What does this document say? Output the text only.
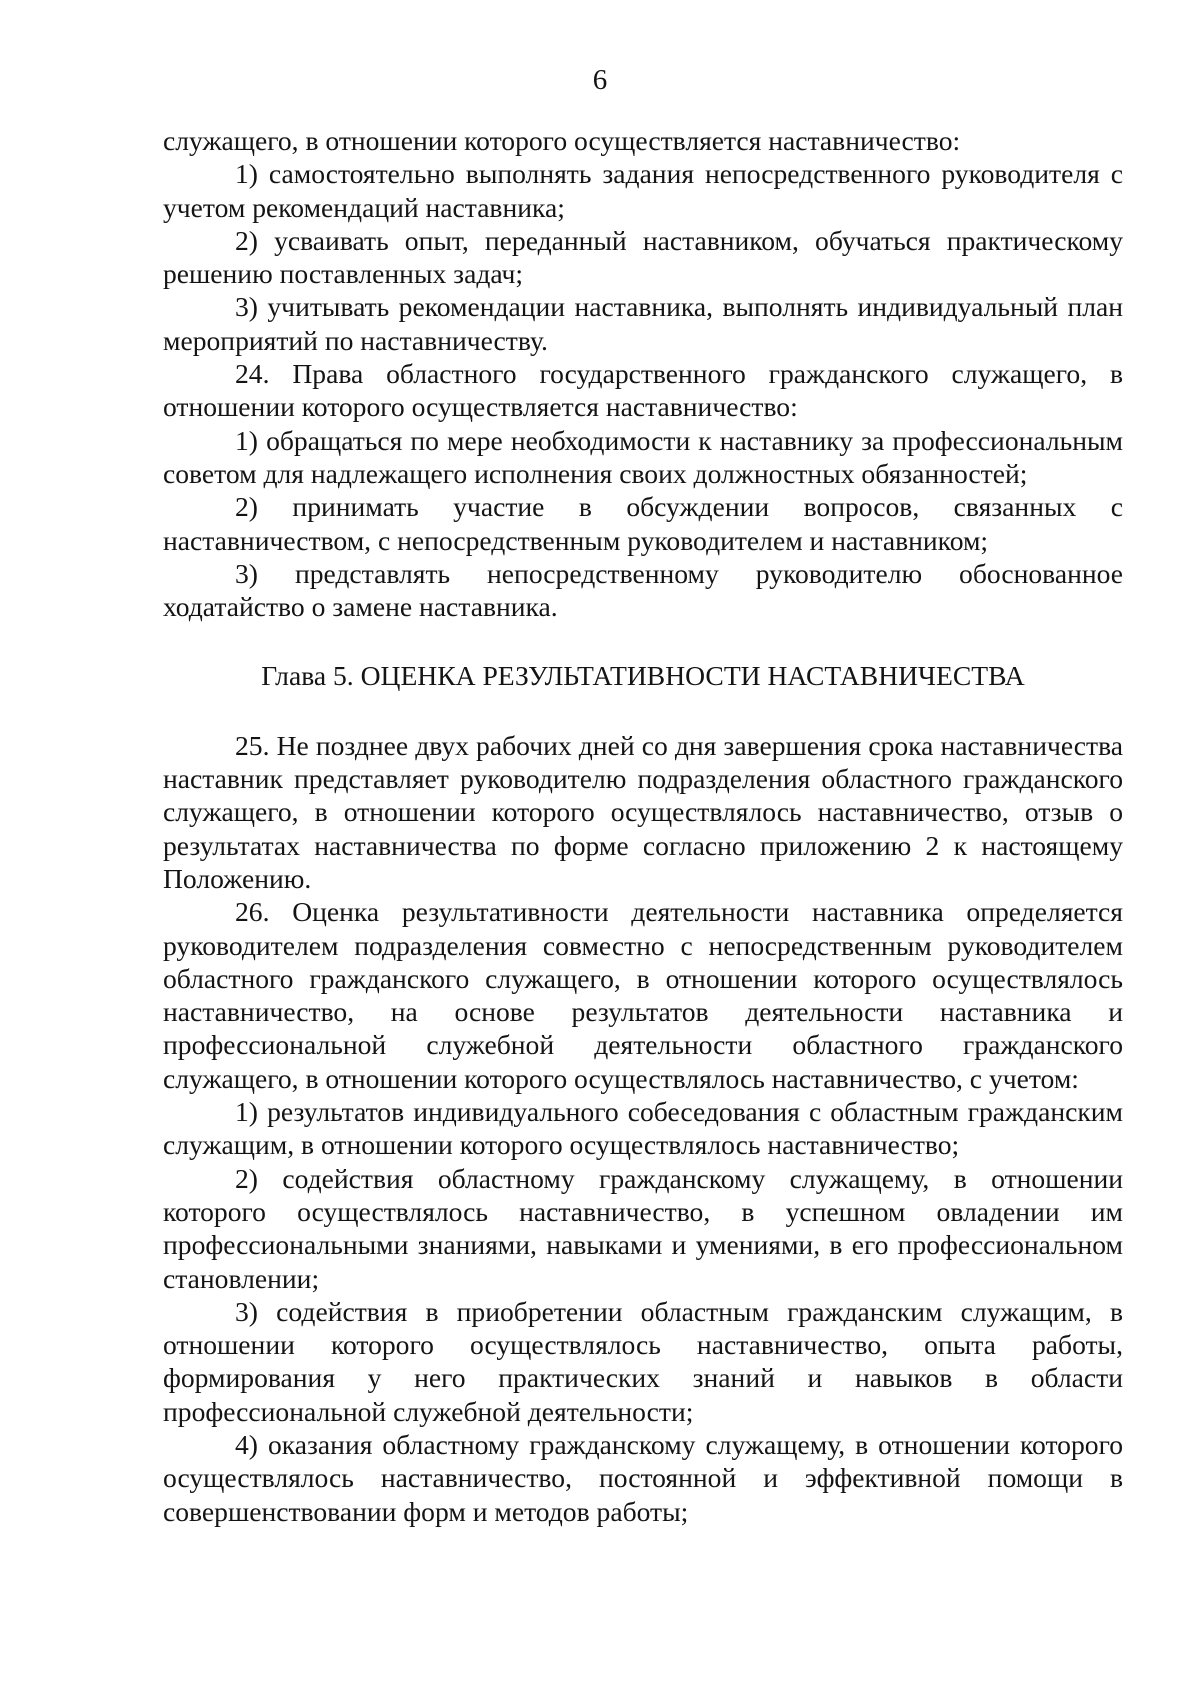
6

служащего, в отношении которого осуществляется наставничество:

1) самостоятельно выполнять задания непосредственного руководителя с учетом рекомендаций наставника;

2) усваивать опыт, переданный наставником, обучаться практическому решению поставленных задач;

3) учитывать рекомендации наставника, выполнять индивидуальный план мероприятий по наставничеству.

24. Права областного государственного гражданского служащего, в отношении которого осуществляется наставничество:

1) обращаться по мере необходимости к наставнику за профессиональным советом для надлежащего исполнения своих должностных обязанностей;

2) принимать участие в обсуждении вопросов, связанных с наставничеством, с непосредственным руководителем и наставником;

3) представлять непосредственному руководителю обоснованное ходатайство о замене наставника.

Глава 5. ОЦЕНКА РЕЗУЛЬТАТИВНОСТИ НАСТАВНИЧЕСТВА

25. Не позднее двух рабочих дней со дня завершения срока наставничества наставник представляет руководителю подразделения областного гражданского служащего, в отношении которого осуществлялось наставничество, отзыв о результатах наставничества по форме согласно приложению 2 к настоящему Положению.

26. Оценка результативности деятельности наставника определяется руководителем подразделения совместно с непосредственным руководителем областного гражданского служащего, в отношении которого осуществлялось наставничество, на основе результатов деятельности наставника и профессиональной служебной деятельности областного гражданского служащего, в отношении которого осуществлялось наставничество, с учетом:

1) результатов индивидуального собеседования с областным гражданским служащим, в отношении которого осуществлялось наставничество;

2) содействия областному гражданскому служащему, в отношении которого осуществлялось наставничество, в успешном овладении им профессиональными знаниями, навыками и умениями, в его профессиональном становлении;

3) содействия в приобретении областным гражданским служащим, в отношении которого осуществлялось наставничество, опыта работы, формирования у него практических знаний и навыков в области профессиональной служебной деятельности;

4) оказания областному гражданскому служащему, в отношении которого осуществлялось наставничество, постоянной и эффективной помощи в совершенствовании форм и методов работы;
